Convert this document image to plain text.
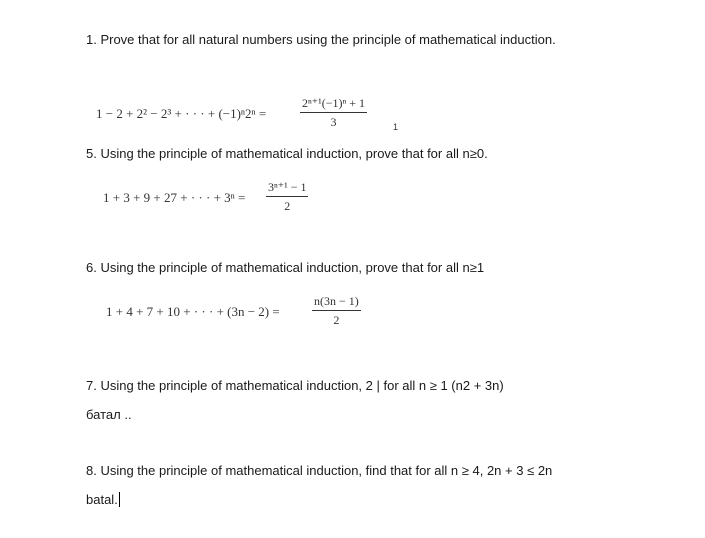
1. Prove that for all natural numbers using the principle of mathematical induction.
1 − 2 + 2² − 2³ + · · · + (−1)ⁿ2ⁿ =	$\frac{\text{2ⁿ⁺¹(−1)ⁿ + 1}}{3}$	1
5. Using the principle of mathematical induction, prove that for all n≥0.
1 + 3 + 9 + 27 + · · · + $3^n = \frac{\text{3ⁿ⁺¹ − 1}}{2}$
6. Using the principle of mathematical induction, prove that for all n≥1
1 + 4 + 7 + 10 + · · · + (3n − 2) =	$\frac{n(3n - 1)}{2}$
7. Using the principle of mathematical induction, 2 | for all n ≥ 1 (n2 + 3n)
батал ..
8. Using the principle of mathematical induction, find that for all n ≥ 4, 2n + 3 ≤ 2n
batal.
